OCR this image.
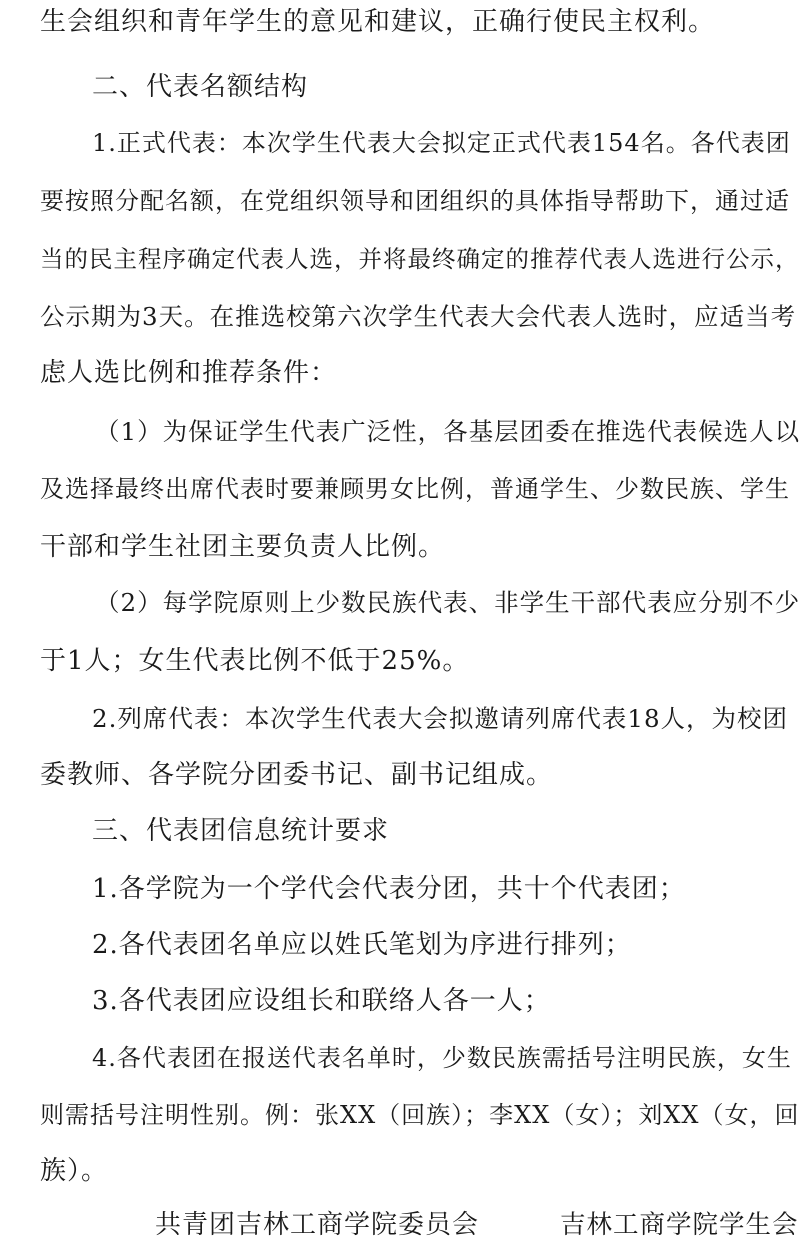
生会组织和青年学生的意见和建议，正确行使民主权利。
二、代表名额结构
1.正式代表：本次学生代表大会拟定正式代表154名。各代表团
要按照分配名额，在党组织领导和团组织的具体指导帮助下，通过适
当的民主程序确定代表人选，并将最终确定的推荐代表人选进行公示，
公示期为3天。在推选校第六次学生代表大会代表人选时，应适当考
虑人选比例和推荐条件：
（1）为保证学生代表广泛性，各基层团委在推选代表候选人以
及选择最终出席代表时要兼顾男女比例，普通学生、少数民族、学生
干部和学生社团主要负责人比例。
（2）每学院原则上少数民族代表、非学生干部代表应分别不少
于1人；女生代表比例不低于25%。
2.列席代表：本次学生代表大会拟邀请列席代表18人，为校团
委教师、各学院分团委书记、副书记组成。
三、代表团信息统计要求
1.各学院为一个学代会代表分团，共十个代表团；
2.各代表团名单应以姓氏笔划为序进行排列；
3.各代表团应设组长和联络人各一人；
4.各代表团在报送代表名单时，少数民族需括号注明民族，女生
则需括号注明性别。例：张XX（回族）；李XX（女）；刘XX（女，回
族）。
共青团吉林工商学院委员会	吉林工商学院学生会
